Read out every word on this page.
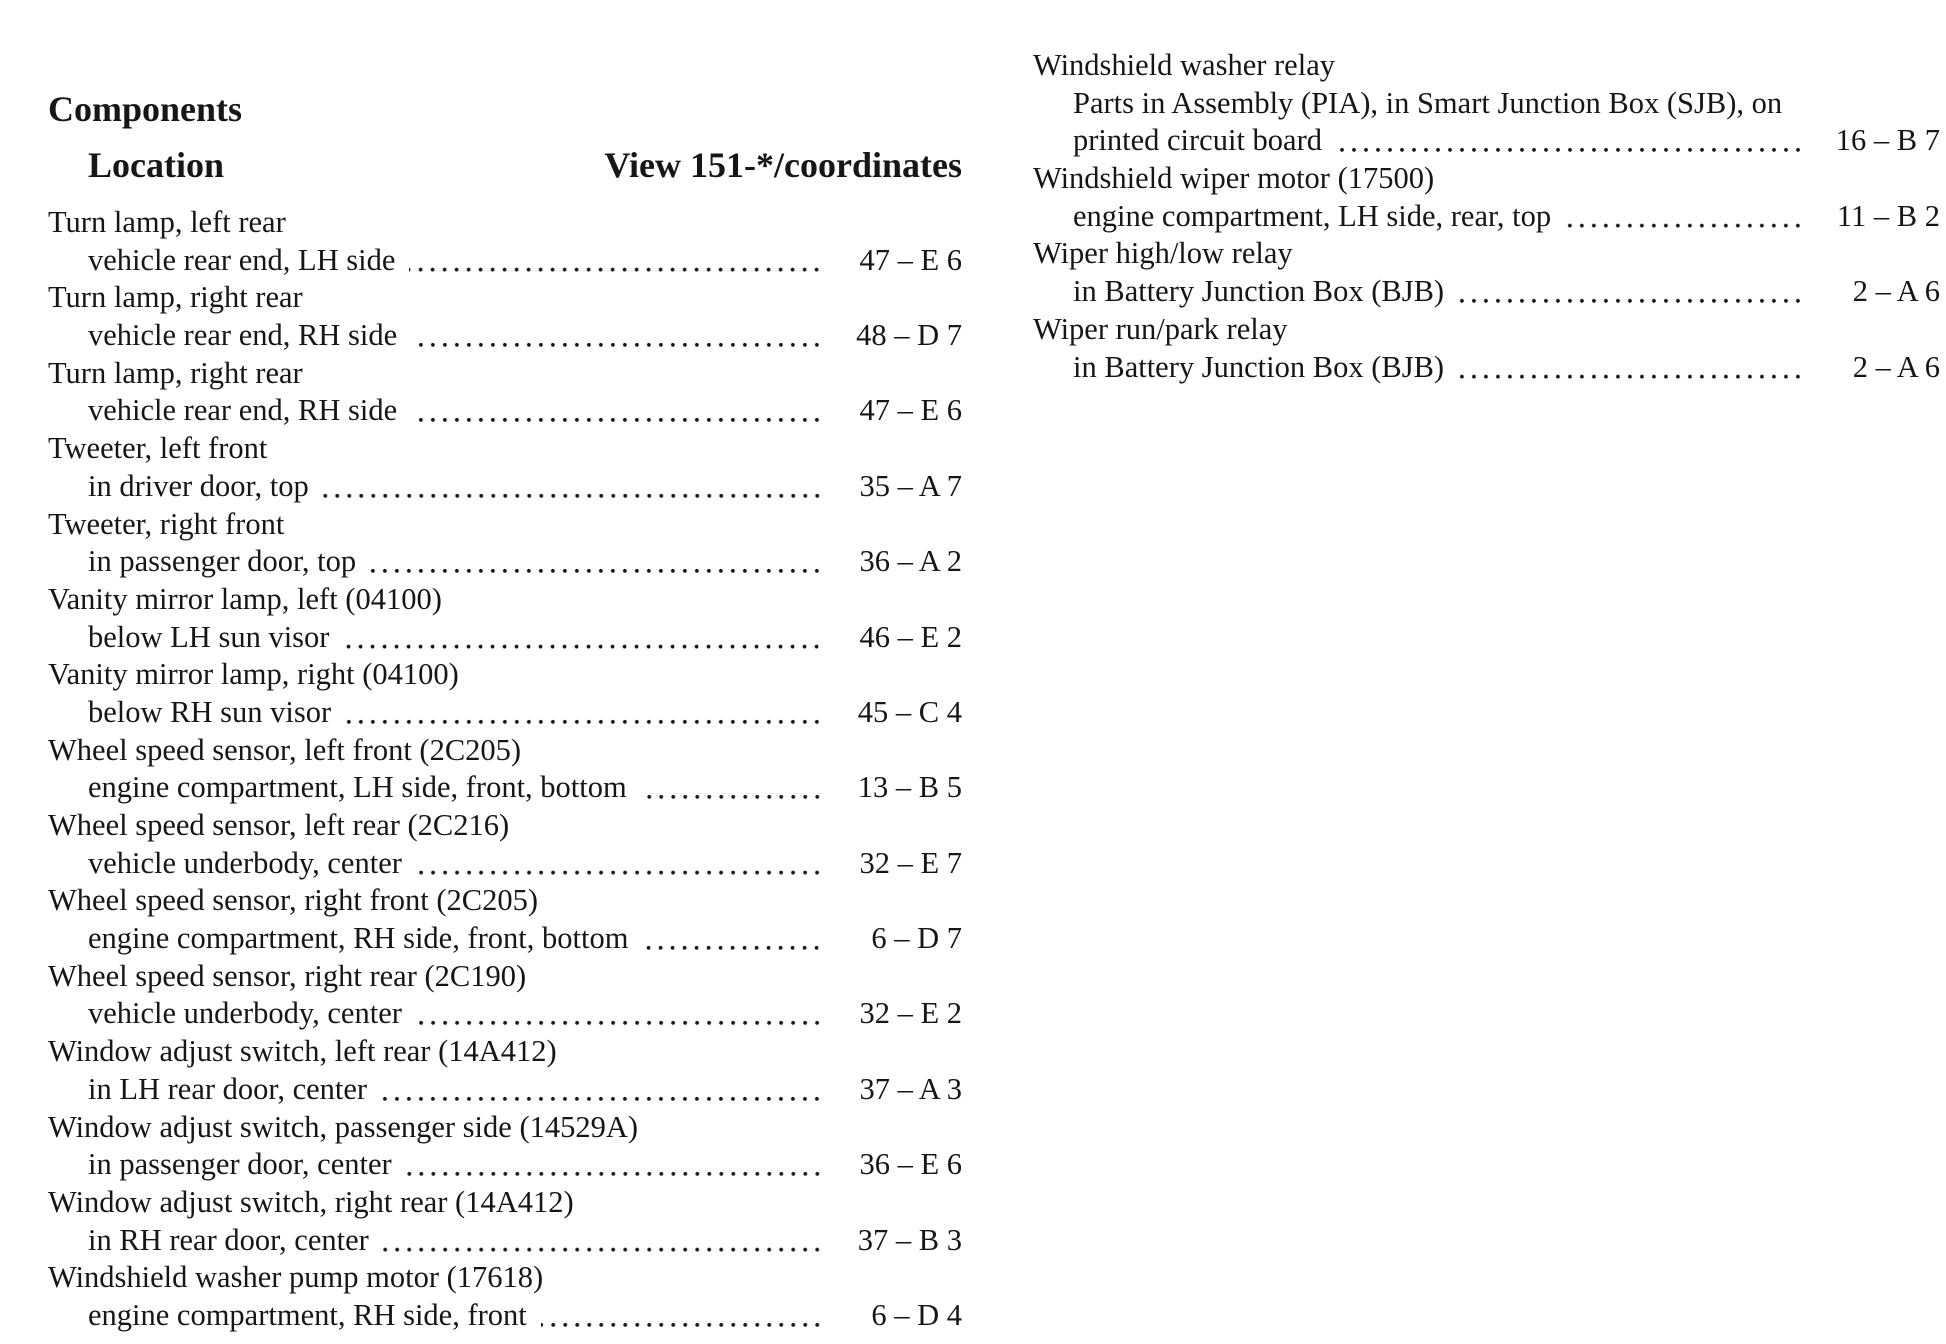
Components
Location	View 151-*/coordinates
Turn lamp, left rear
vehicle rear end, LH side	47 – E 6
Turn lamp, right rear
vehicle rear end, RH side	48 – D 7
Turn lamp, right rear
vehicle rear end, RH side	47 – E 6
Tweeter, left front
in driver door, top	35 – A 7
Tweeter, right front
in passenger door, top	36 – A 2
Vanity mirror lamp, left (04100)
below LH sun visor	46 – E 2
Vanity mirror lamp, right (04100)
below RH sun visor	45 – C 4
Wheel speed sensor, left front (2C205)
engine compartment, LH side, front, bottom	13 – B 5
Wheel speed sensor, left rear (2C216)
vehicle underbody, center	32 – E 7
Wheel speed sensor, right front (2C205)
engine compartment, RH side, front, bottom	6 – D 7
Wheel speed sensor, right rear (2C190)
vehicle underbody, center	32 – E 2
Window adjust switch, left rear (14A412)
in LH rear door, center	37 – A 3
Window adjust switch, passenger side (14529A)
in passenger door, center	36 – E 6
Window adjust switch, right rear (14A412)
in RH rear door, center	37 – B 3
Windshield washer pump motor (17618)
engine compartment, RH side, front	6 – D 4
Windshield washer relay
Parts in Assembly (PIA), in Smart Junction Box (SJB), on
printed circuit board	16 – B 7
Windshield wiper motor (17500)
engine compartment, LH side, rear, top	11 – B 2
Wiper high/low relay
in Battery Junction Box (BJB)	2 – A 6
Wiper run/park relay
in Battery Junction Box (BJB)	2 – A 6
